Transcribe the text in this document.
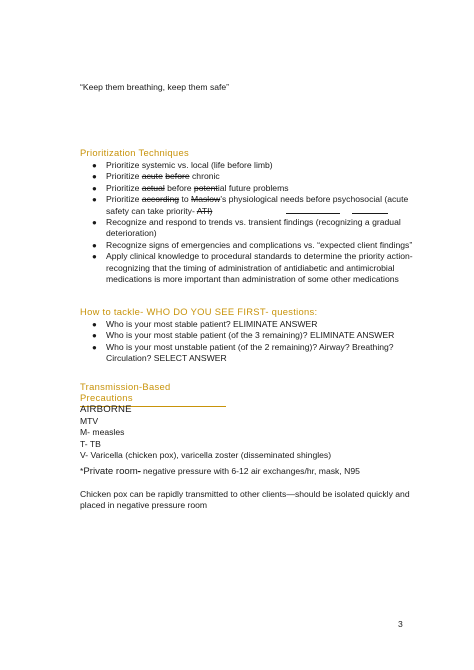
“Keep them breathing, keep them safe”
Prioritization Techniques
● Prioritize systemic vs. local (life before limb)
● Prioritize acute before chronic
● Prioritize actual before potential future problems
● Prioritize according to Maslow’s physiological needs before psychosocial (acute safety can take priority- ATI)
● Recognize and respond to trends vs. transient findings (recognizing a gradual deterioration)
● Recognize signs of emergencies and complications vs. “expected client findings”
● Apply clinical knowledge to procedural standards to determine the priority action- recognizing that the timing of administration of antidiabetic and antimicrobial medications is more important than administration of some other medications
How to tackle- WHO DO YOU SEE FIRST- questions:
● Who is your most stable patient? ELIMINATE ANSWER
● Who is your most stable patient (of the 3 remaining)? ELIMINATE ANSWER
● Who is your most unstable patient (of the 2 remaining)? Airway? Breathing? Circulation? SELECT ANSWER
Transmission-Based Precautions
AIRBORNE
MTV
M- measles
T- TB
V- Varicella (chicken pox), varicella zoster (disseminated shingles)
*Private room- negative pressure with 6-12 air exchanges/hr, mask, N95
Chicken pox can be rapidly transmitted to other clients—should be isolated quickly and placed in negative pressure room
3
